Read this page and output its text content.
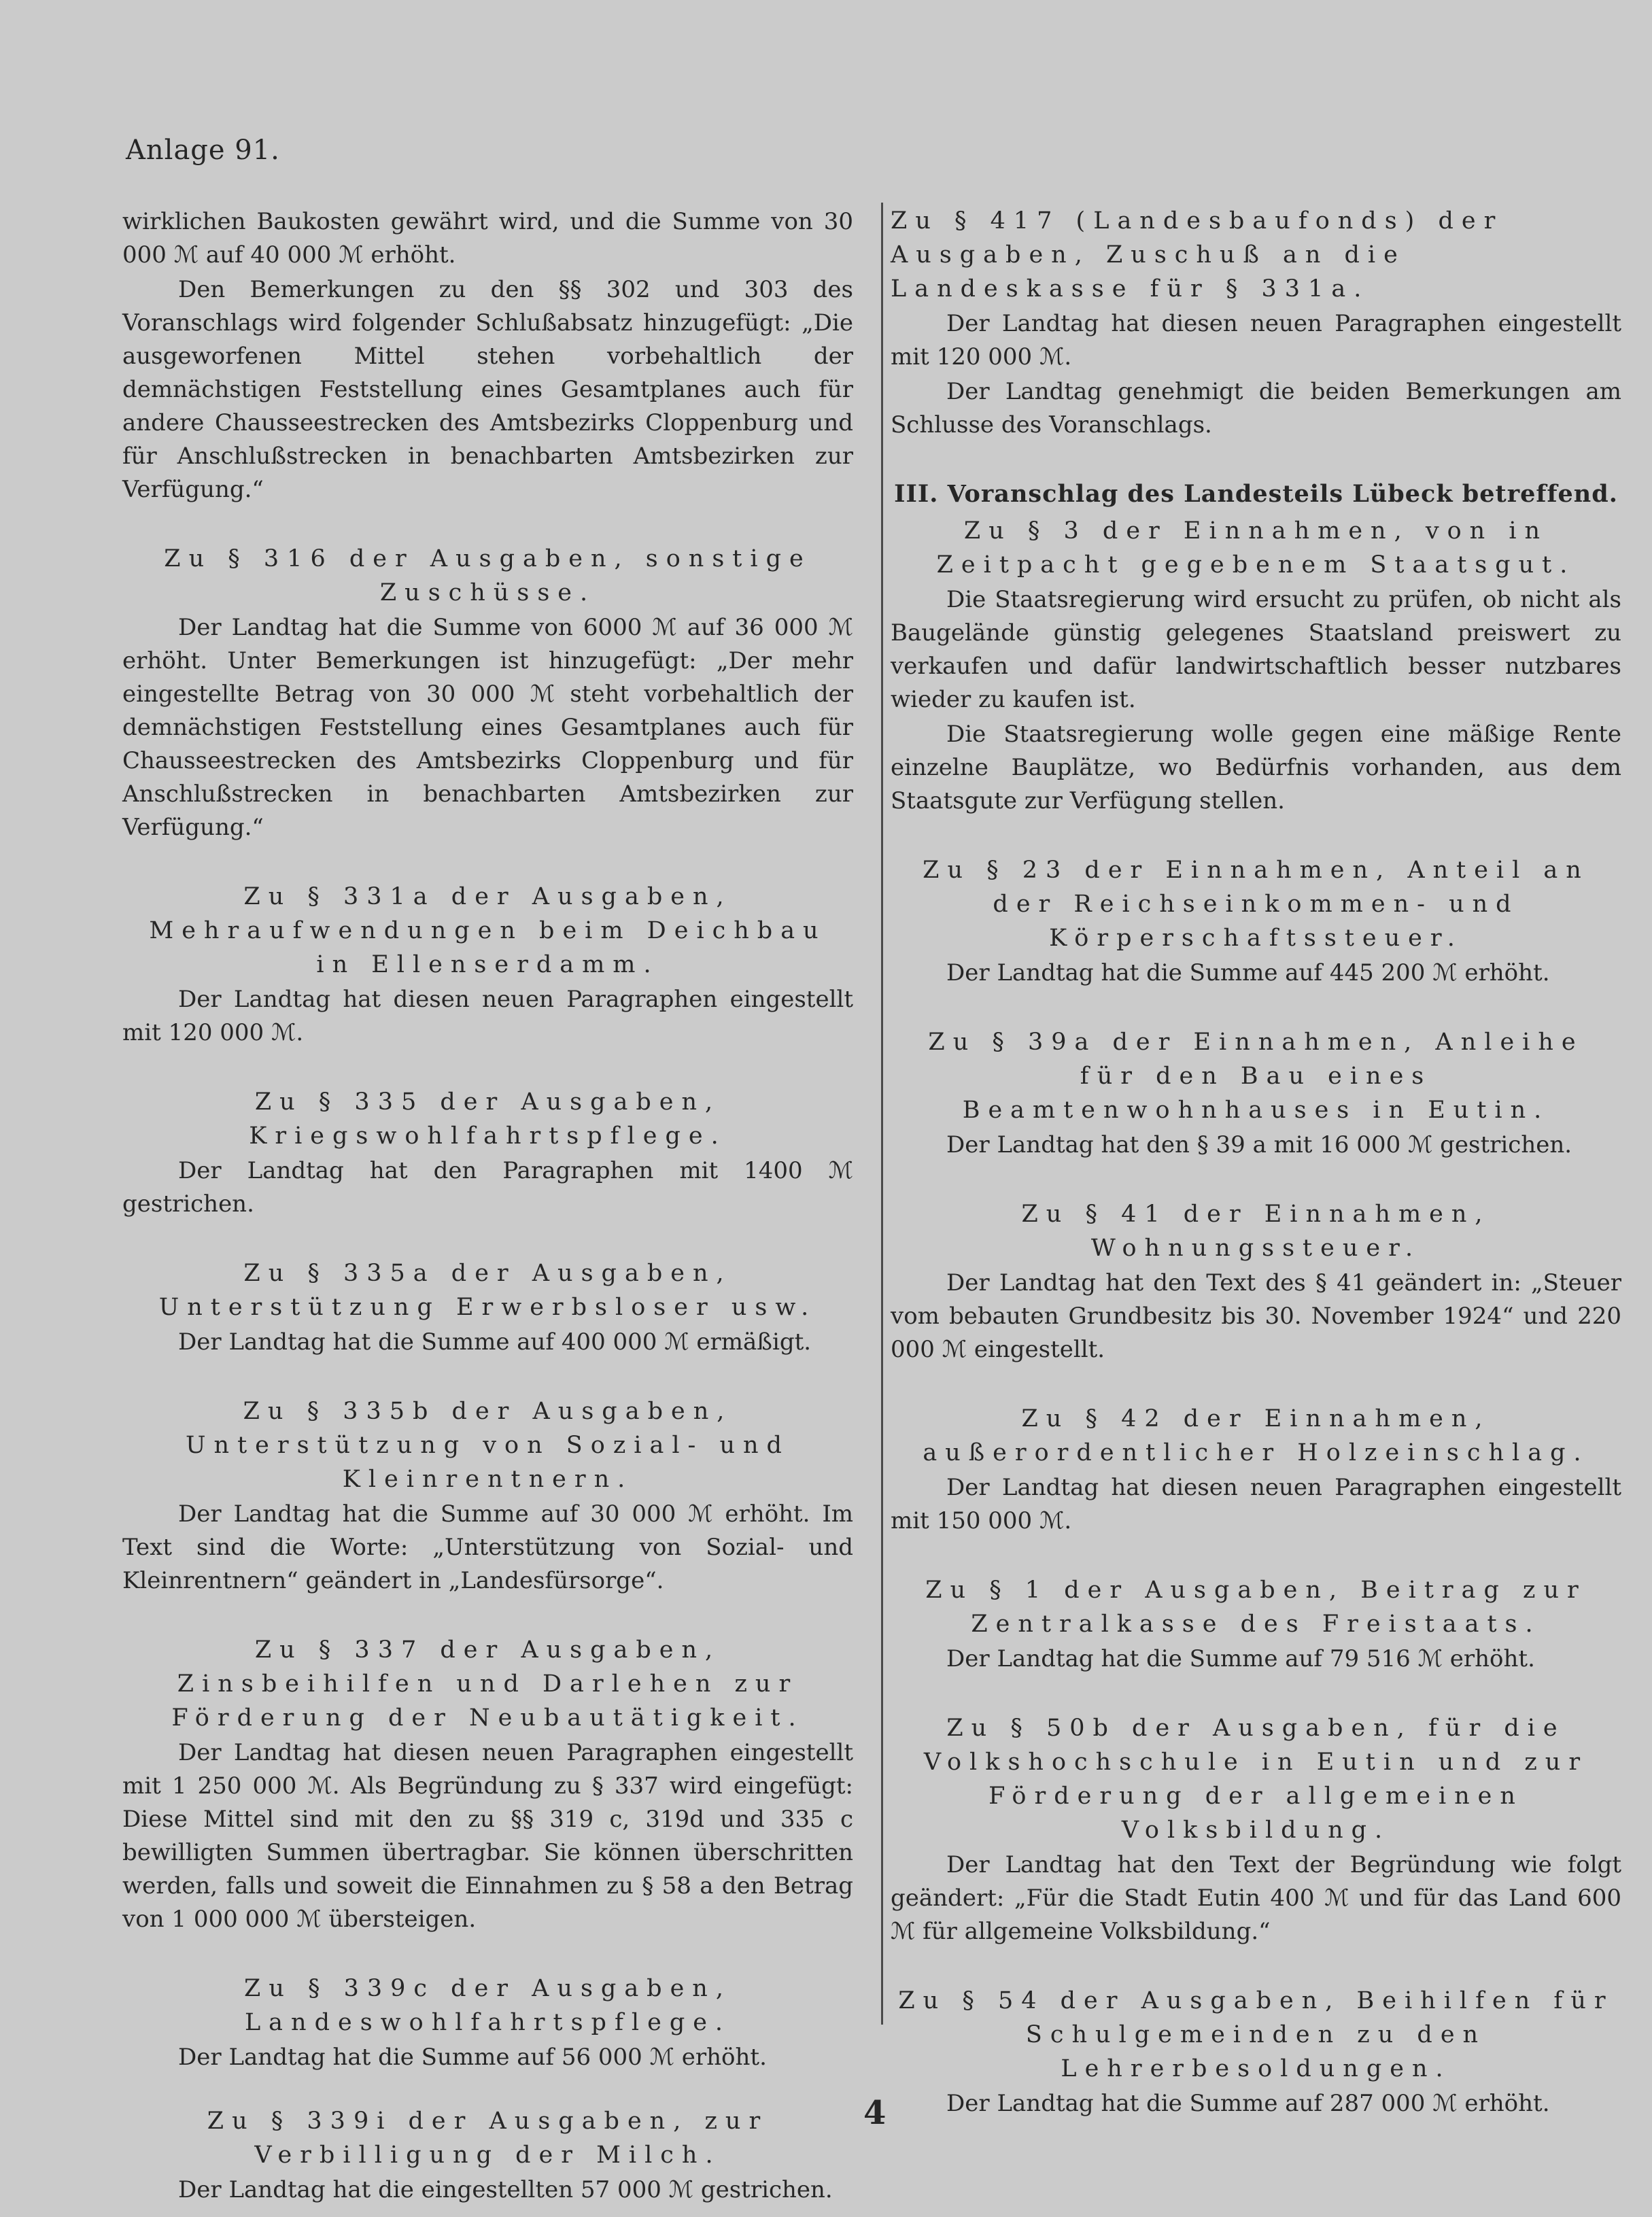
Anlage 91.

wirklichen Baukosten gewährt wird, und die Summe von 30 000 ℳ auf 40 000 ℳ erhöht.

Den Bemerkungen zu den §§ 302 und 303 des Voranschlags wird folgender Schlußabsatz hinzugefügt: „Die ausgeworfenen Mittel stehen vorbehaltlich der demnächstigen Feststellung eines Gesamtplanes auch für andere Chausseestrecken des Amtsbezirks Cloppenburg und für Anschlußstrecken in benachbarten Amtsbezirken zur Verfügung.“

Zu § 316 der Ausgaben, sonstige Zuschüsse.

Der Landtag hat die Summe von 6000 ℳ auf 36 000 ℳ erhöht. Unter Bemerkungen ist hinzugefügt: „Der mehr eingestellte Betrag von 30 000 ℳ steht vorbehaltlich der demnächstigen Feststellung eines Gesamtplanes auch für Chausseestrecken des Amtsbezirks Cloppenburg und für Anschlußstrecken in benachbarten Amtsbezirken zur Verfügung.“

Zu § 331a der Ausgaben, Mehraufwendungen beim Deichbau in Ellenserdamm.

Der Landtag hat diesen neuen Paragraphen eingestellt mit 120 000 ℳ.

Zu § 335 der Ausgaben, Kriegswohlfahrtspflege.

Der Landtag hat den Paragraphen mit 1400 ℳ gestrichen.

Zu § 335a der Ausgaben, Unterstützung Erwerbsloser usw.

Der Landtag hat die Summe auf 400 000 ℳ ermäßigt.

Zu § 335b der Ausgaben, Unterstützung von Sozial- und Kleinrentnern.

Der Landtag hat die Summe auf 30 000 ℳ erhöht. Im Text sind die Worte: „Unterstützung von Sozial- und Kleinrentnern“ geändert in „Landesfürsorge“.

Zu § 337 der Ausgaben, Zinsbeihilfen und Darlehen zur Förderung der Neubautätigkeit.

Der Landtag hat diesen neuen Paragraphen eingestellt mit 1 250 000 ℳ. Als Begründung zu § 337 wird eingefügt: Diese Mittel sind mit den zu §§ 319 c, 319d und 335 c bewilligten Summen übertragbar. Sie können überschritten werden, falls und soweit die Einnahmen zu § 58 a den Betrag von 1 000 000 ℳ übersteigen.

Zu § 339c der Ausgaben, Landeswohlfahrtspflege.

Der Landtag hat die Summe auf 56 000 ℳ erhöht.

Zu § 339i der Ausgaben, zur Verbilligung der Milch.

Der Landtag hat die eingestellten 57 000 ℳ gestrichen.

Zu § 417 (Landesbaufonds) der Ausgaben, Zuschuß an die Landeskasse für § 331a.

Der Landtag hat diesen neuen Paragraphen eingestellt mit 120 000 ℳ.

Der Landtag genehmigt die beiden Bemerkungen am Schlusse des Voranschlags.

III. Voranschlag des Landesteils Lübeck betreffend.

Zu § 3 der Einnahmen, von in Zeitpacht gegebenem Staatsgut.

Die Staatsregierung wird ersucht zu prüfen, ob nicht als Baugelände günstig gelegenes Staatsland preiswert zu verkaufen und dafür landwirtschaftlich besser nutzbares wieder zu kaufen ist.

Die Staatsregierung wolle gegen eine mäßige Rente einzelne Bauplätze, wo Bedürfnis vorhanden, aus dem Staatsgute zur Verfügung stellen.

Zu § 23 der Einnahmen, Anteil an der Reichseinkommen- und Körperschaftssteuer.

Der Landtag hat die Summe auf 445 200 ℳ erhöht.

Zu § 39a der Einnahmen, Anleihe für den Bau eines Beamtenwohnhauses in Eutin.

Der Landtag hat den § 39 a mit 16 000 ℳ gestrichen.

Zu § 41 der Einnahmen, Wohnungssteuer.

Der Landtag hat den Text des § 41 geändert in: „Steuer vom bebauten Grundbesitz bis 30. November 1924“ und 220 000 ℳ eingestellt.

Zu § 42 der Einnahmen, außerordentlicher Holzeinschlag.

Der Landtag hat diesen neuen Paragraphen eingestellt mit 150 000 ℳ.

Zu § 1 der Ausgaben, Beitrag zur Zentralkasse des Freistaats.

Der Landtag hat die Summe auf 79 516 ℳ erhöht.

Zu § 50b der Ausgaben, für die Volkshochschule in Eutin und zur Förderung der allgemeinen Volksbildung.

Der Landtag hat den Text der Begründung wie folgt geändert: „Für die Stadt Eutin 400 ℳ und für das Land 600 ℳ für allgemeine Volksbildung.“

Zu § 54 der Ausgaben, Beihilfen für Schulgemeinden zu den Lehrerbesoldungen.

Der Landtag hat die Summe auf 287 000 ℳ erhöht.

4
